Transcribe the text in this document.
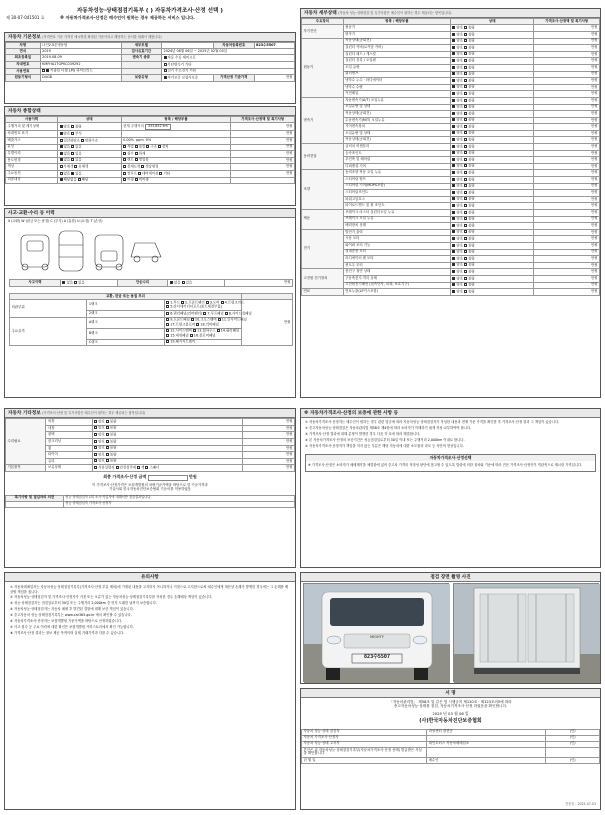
자동차성능·상태점검기록부 ( ) 자동차가격조사·산정 선택 )
제 30-07-041501 호	※ 자동차가격조사·산정은 매수인이 원하는 경우 제공하는 서비스 입니다.
자동차 기본정보 (자격번호 기준 가격진 예시방법 확정된 기준이라고 해당하는 문서를 원래이 해봅니다)
차명	나인2.5톤냉동탑	세부모델		자동차등록번호	823수5507
연식	2019	검사유효기간	2024년 08월 06일 ~ 2025년 02월 05일		
최초등록일	2019-08-09	변속기 종류	자동 수동 세미오토		
차대번호	KMFHA17GPKC039292		무단변속기 기타		
사용연료	가솔린 디젤 LPG 하이브리드		전기 수소전기 기타		
원동기형식	D4GB	보증유형	자가보증 보험사보증	가격산정 기준가격	만원
자동차 종합상태
사용이력	상태	항목 / 해당부품	가격조사·산정액 및 특기사항
주행거리 및 계기상태	양호 불량	현재 주행거리 333,652 km	만원
차대번호 표기	양호 부식		만원
배출가스	일산화탄소 탄화수소	0.00%  ppm  0%	만원
튜닝	없음 있음	적법 불법 구조 장치	만원
특별이력	없음 있음	침수 화재	만원
용도변경	없음 있음	렌트 영업용	만원
색상	무채색 유채색	전체도색 색상변경	만원
주요옵션	없음 있음	썬루프 네비게이션 기타	만원
리콜대상	해당없음 해당	이행 미이행	
사고·교환·수리 등 이력
X (교환) W (판금 또는 용접) C (부식) A (흠집) U (요철) T (손상)
사고이력	없음 있음	단순수리	없음 있음	만원
교환, 판금 또는 용접 부위			
외판부위	1랭크	1.후드 2.프론트펜더 3.도어 4.트렁크리드
5.라디에이터서포트(볼트체결부품)	만원
	2랭크	6.쿼터패널(리어펜더) 7.루프패널 8.사이드실패널	
주요골격	A랭크	9.프론트패널 10.크로스멤버 11.인사이드패널
17.트렁크플로어 18.리어패널	
	B랭크	12.사이드멤버 13.휠하우스 14.필러패널
15.대쉬패널 16.플로어패널	
	C랭크	19.패키지트레이	
자동차 세부상태 (자동차 성능·상태점검 및 특기사항은 매수인이 원하는 경우 제공되는 항목입니다)
주요장치	항목 / 해당부품	상태	가격조사·산정액 및 특기사항
자기진단	원동기	양호 불량	만원
	변속기	양호 불량	만원
원동기	작동상태(공회전)	양호 불량	만원
	실린더 커버(로커암 커버)	양호 불량	만원
	실린더 헤드 / 개스킷	양호 불량	만원
	실린더 블록 / 오일팬	양호 불량	만원
	오일 유량	양호 불량	만원
	워터펌프	양호 불량	만원
	냉각수 누수 · 라디에이터	양호 불량	만원
	냉각수 수량	양호 불량	만원
	커먼레일	양호 불량	만원
변속기	자동변속기(A/T) 오일누유	양호 불량	만원
	오일유량 및 상태	양호 불량	만원
	작동상태(공회전)	양호 불량	만원
	수동변속기(M/T) 오일누유	양호 불량	만원
	기어변속장치	양호 불량	만원
	오일유량 및 상태	양호 불량	만원
	작동상태(공회전)	양호 불량	만원
동력전달	클러치 어셈블리	양호 불량	만원
	등속조인트	양호 불량	만원
	추진축 및 베어링	양호 불량	만원
	디퍼렌셜 기어	양호 불량	만원
조향	동력조향 작동 오일 누유	양호 불량	만원
	스티어링 펌프	양호 불량	만원
	스티어링 기어(MDPS포함)	양호 불량	만원
	스티어링조인트	양호 불량	만원
	파워고압호스	양호 불량	만원
	타이로드엔드 및 볼 조인트	양호 불량	만원
제동	브레이크 마스터 실린더오일 누유	양호 불량	만원
	브레이크 오일 누유	양호 불량	만원
	배력장치 상태	양호 불량	만원
전기	발전기 출력	양호 불량	만원
	시동 모터	양호 불량	만원
	와이퍼 모터 기능	양호 불량	만원
	실내송풍 모터	양호 불량	만원
	라디에이터 팬 모터	양호 불량	만원
	윈도우 모터	양호 불량	만원
고전원 전기장치	충전구 절연 상태	양호 불량	만원
	구동축전지 격리 상태	양호 불량	만원
	고전원전기배선 (접속단자, 피복, 보호기구)	양호 불량	만원
연료	연료누출(LP가스포함)	양호 불량	만원
자동차 기타정보 (가격조사·산정 및 특기사항은 매수인이 원하는 경우 제공되는 항목입니다)
수리필요	외장	양호 불량	만원
	내장	양호 불량	만원
	광택	양호 불량	만원
	룸크리닝	양호 불량	만원
	휠	양호 불량	만원
	타이어	양호 불량	만원
	유리	양호 불량	만원
기본품목	보유상태	사용설명서 안전삼각대 잭 스패너	만원
최종 가격조사·산정 금액	만원
이 가격조사·산정가격은 보험개발원의 차량기준가액을 바탕으로 한 기준가격과
기술사회 한국자동차진단보증협회 기준서를 적용하였음
특기사항 및 점검자의 의견	성능·상태점검자 1회 조사·작업자에 대해서만 점검결과입니다
	성능·상태점검자 가격조사·산정자
※ 자동차가격조사·산정의 보증에 관한 사항 등

① 자동차가격조사·산정자는 매수인이 원하는 경우 관련 법규에 따라 자동차성능·상태점검자가 작성한 내용과 현재 기준 가격을 확인한 후 가격조사·산정 결과 그 책임이 있습니다.

② 중고자동차성능·상태점검은 자동차관리법 제58조 제4항에 따라 소비자가 이해하기 쉽게 작성·교부하여야 합니다.

③ 가격조사·산정 결과에 대해 분쟁이 발생한 경우 다음 각 호에 따라 해결합니다.

④ 본 자동차가격조사·산정의 보증기간은 성능점검일로부터 30일 이내 또는 주행거리 2,000km 이내로 합니다.

⑤ 자동차가격조사·산정자가 책임을 지지 않는 부분은 해당 자동차에 대한 소모품의 마모 등 자연적 현상입니다.

자동차가격조사·산정선택

※ 가격조사·산정은 소비자가 매매계약을 체결함에 있어 중고차 가격의 적정성 판단에 참고할 수 있도록 법령에 의한 절차와 기준에 따라 전문 가격조사·산정인이 객관적으로 제시한 가격입니다.

유의사항

① 자동차매매업자는 자동차성능·상태점검기록부(가격조사·산정 부분 제외)에 기재된 내용을 고지하지 아니하거나 거짓으로 고지함으로써 매수인에게 재산상 손해가 발생한 경우에는 그 손해를 배상할 책임을 집니다.

② 자동차성능·상태점검자 및 가격조사·산정자가 거짓 또는 오류가 있는 자동차성능·상태점검기록부를 작성한 경우 손해배상 책임이 있습니다.

③ 성능·상태점검자는 점검일로부터 30일 또는 주행거리 2,000km 중 먼저 도래한 날까지 보증합니다.

④ 자동차성능·상태점검자는 자동차 매매 후 발견된 결함에 대해 보증 책임이 있습니다.

⑤ 중고자동차 성능·상태점검기록부는 www.car365.go.kr 에서 확인할 수 있습니다.

⑥ 자동차가격조사·산정자는 보험개발원 기준가액을 바탕으로 산정하였습니다.

⑦ 사고·침수 등 주요 이력에 대한 확인은 보험개발원 카히스토리에서 확인 가능합니다.

⑧ 가격조사·산정 결과는 정보 제공 목적이며 실제 거래가격과 다를 수 있습니다.

점검 장면 촬영 사진
823수5507
MIGHTY
서 명
「자동차관리법」 제58조 및 같은 법 시행규칙 제120조 · 제123조의5에 따라
중고자동차성능·상태를 점검, 자동차가격조사·산정 하였음을 확인합니다.
2025 년 03 월 06 일
(사)한국자동차진단보증협회
자동차 성능·상태 점검자	라성센터 함현준	(인)
자동차 가격조사·산정자		(인)
자동차 성능·상태 고지자	대인모터스 자동차매매업소	(인)
본인은 위 자동차성능·상태점검기록부(자동차가격조사·산정 선택) 발급받은 사실을 확인합니다		
년 월 일	매수인	(인)
전송일 : 2025-07-03
